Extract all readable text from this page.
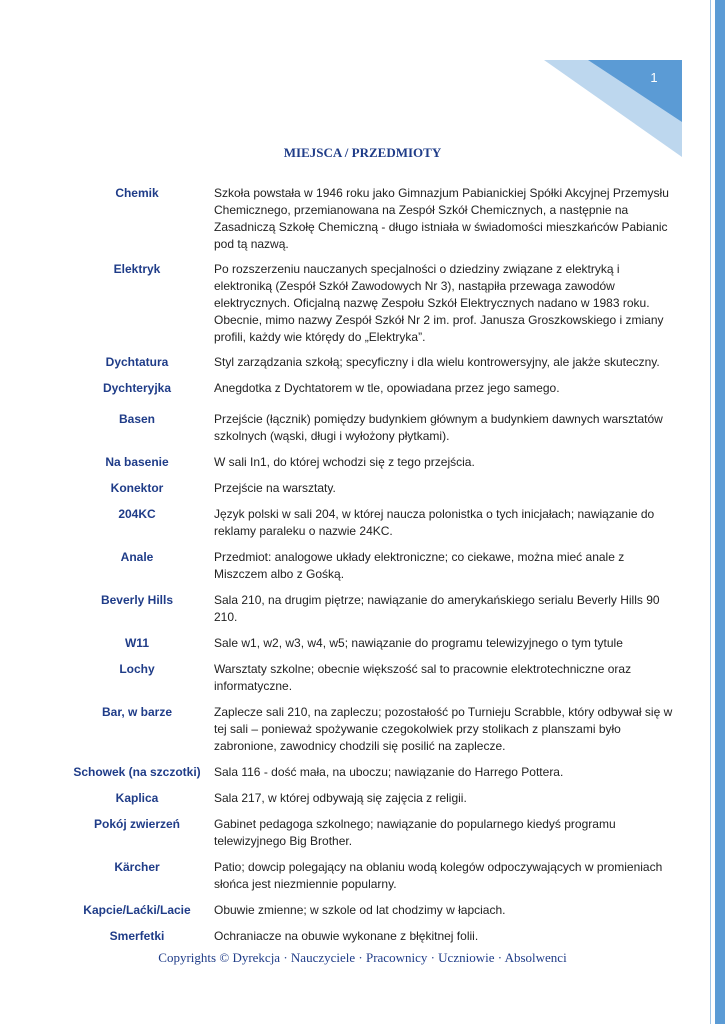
1
MIEJSCA / PRZEDMIOTY
Chemik	Szkoła powstała w 1946 roku jako Gimnazjum Pabianickiej Spółki Akcyjnej Przemysłu Chemicznego, przemianowana na Zespół Szkół Chemicznych, a następnie na Zasadniczą Szkołę Chemiczną - długo istniała w świadomości mieszkańców Pabianic pod tą nazwą.
Elektryk	Po rozszerzeniu nauczanych specjalności o dziedziny związane z elektryką i elektroniką (Zespół Szkół Zawodowych Nr 3), nastąpiła przewaga zawodów elektrycznych. Oficjalną nazwę Zespołu Szkół Elektrycznych nadano w 1983 roku. Obecnie, mimo nazwy Zespół Szkół Nr 2 im. prof. Janusza Groszkowskiego i zmiany profili, każdy wie którędy do „Elektryka”.
Dychtatura	Styl zarządzania szkołą; specyficzny i dla wielu kontrowersyjny, ale jakże skuteczny.
Dychteryjka	Anegdotka z Dychtatorem w tle, opowiadana przez jego samego.
Basen	Przejście (łącznik) pomiędzy budynkiem głównym a budynkiem dawnych warsztatów szkolnych (wąski, długi i wyłożony płytkami).
Na basenie	W sali In1, do której wchodzi się z tego przejścia.
Konektor	Przejście na warsztaty.
204KC	Język polski w sali 204, w której naucza polonistka o tych inicjałach; nawiązanie do reklamy paraleku o nazwie 24KC.
Anale	Przedmiot: analogowe układy elektroniczne; co ciekawe, można mieć anale z Miszczem albo z Gośką.
Beverly Hills	Sala 210, na drugim piętrze; nawiązanie do amerykańskiego serialu Beverly Hills 90 210.
W11	Sale w1, w2, w3, w4, w5; nawiązanie do programu telewizyjnego o tym tytule
Lochy	Warsztaty szkolne; obecnie większość sal to pracownie elektrotechniczne oraz informatyczne.
Bar, w barze	Zaplecze sali 210, na zapleczu; pozostałość po Turnieju Scrabble, który odbywał się w tej sali – ponieważ spożywanie czegokolwiek przy stolikach z planszami było zabronione, zawodnicy chodzili się posilić na zaplecze.
Schowek (na szczotki)	Sala 116 - dość mała, na uboczu; nawiązanie do Harrego Pottera.
Kaplica	Sala 217, w której odbywają się zajęcia z religii.
Pokój zwierzeń	Gabinet pedagoga szkolnego; nawiązanie do popularnego kiedyś programu telewizyjnego Big Brother.
Kärcher	Patio; dowcip polegający na oblaniu wodą kolegów odpoczywających w promieniach słońca jest niezmiennie popularny.
Kapcie/Laćki/Lacie	Obuwie zmienne; w szkole od lat chodzimy w łapciach.
Smerfetki	Ochraniacze na obuwie wykonane z błękitnej folii.
Copyrights © Dyrekcja · Nauczyciele · Pracownicy · Uczniowie · Absolwenci
